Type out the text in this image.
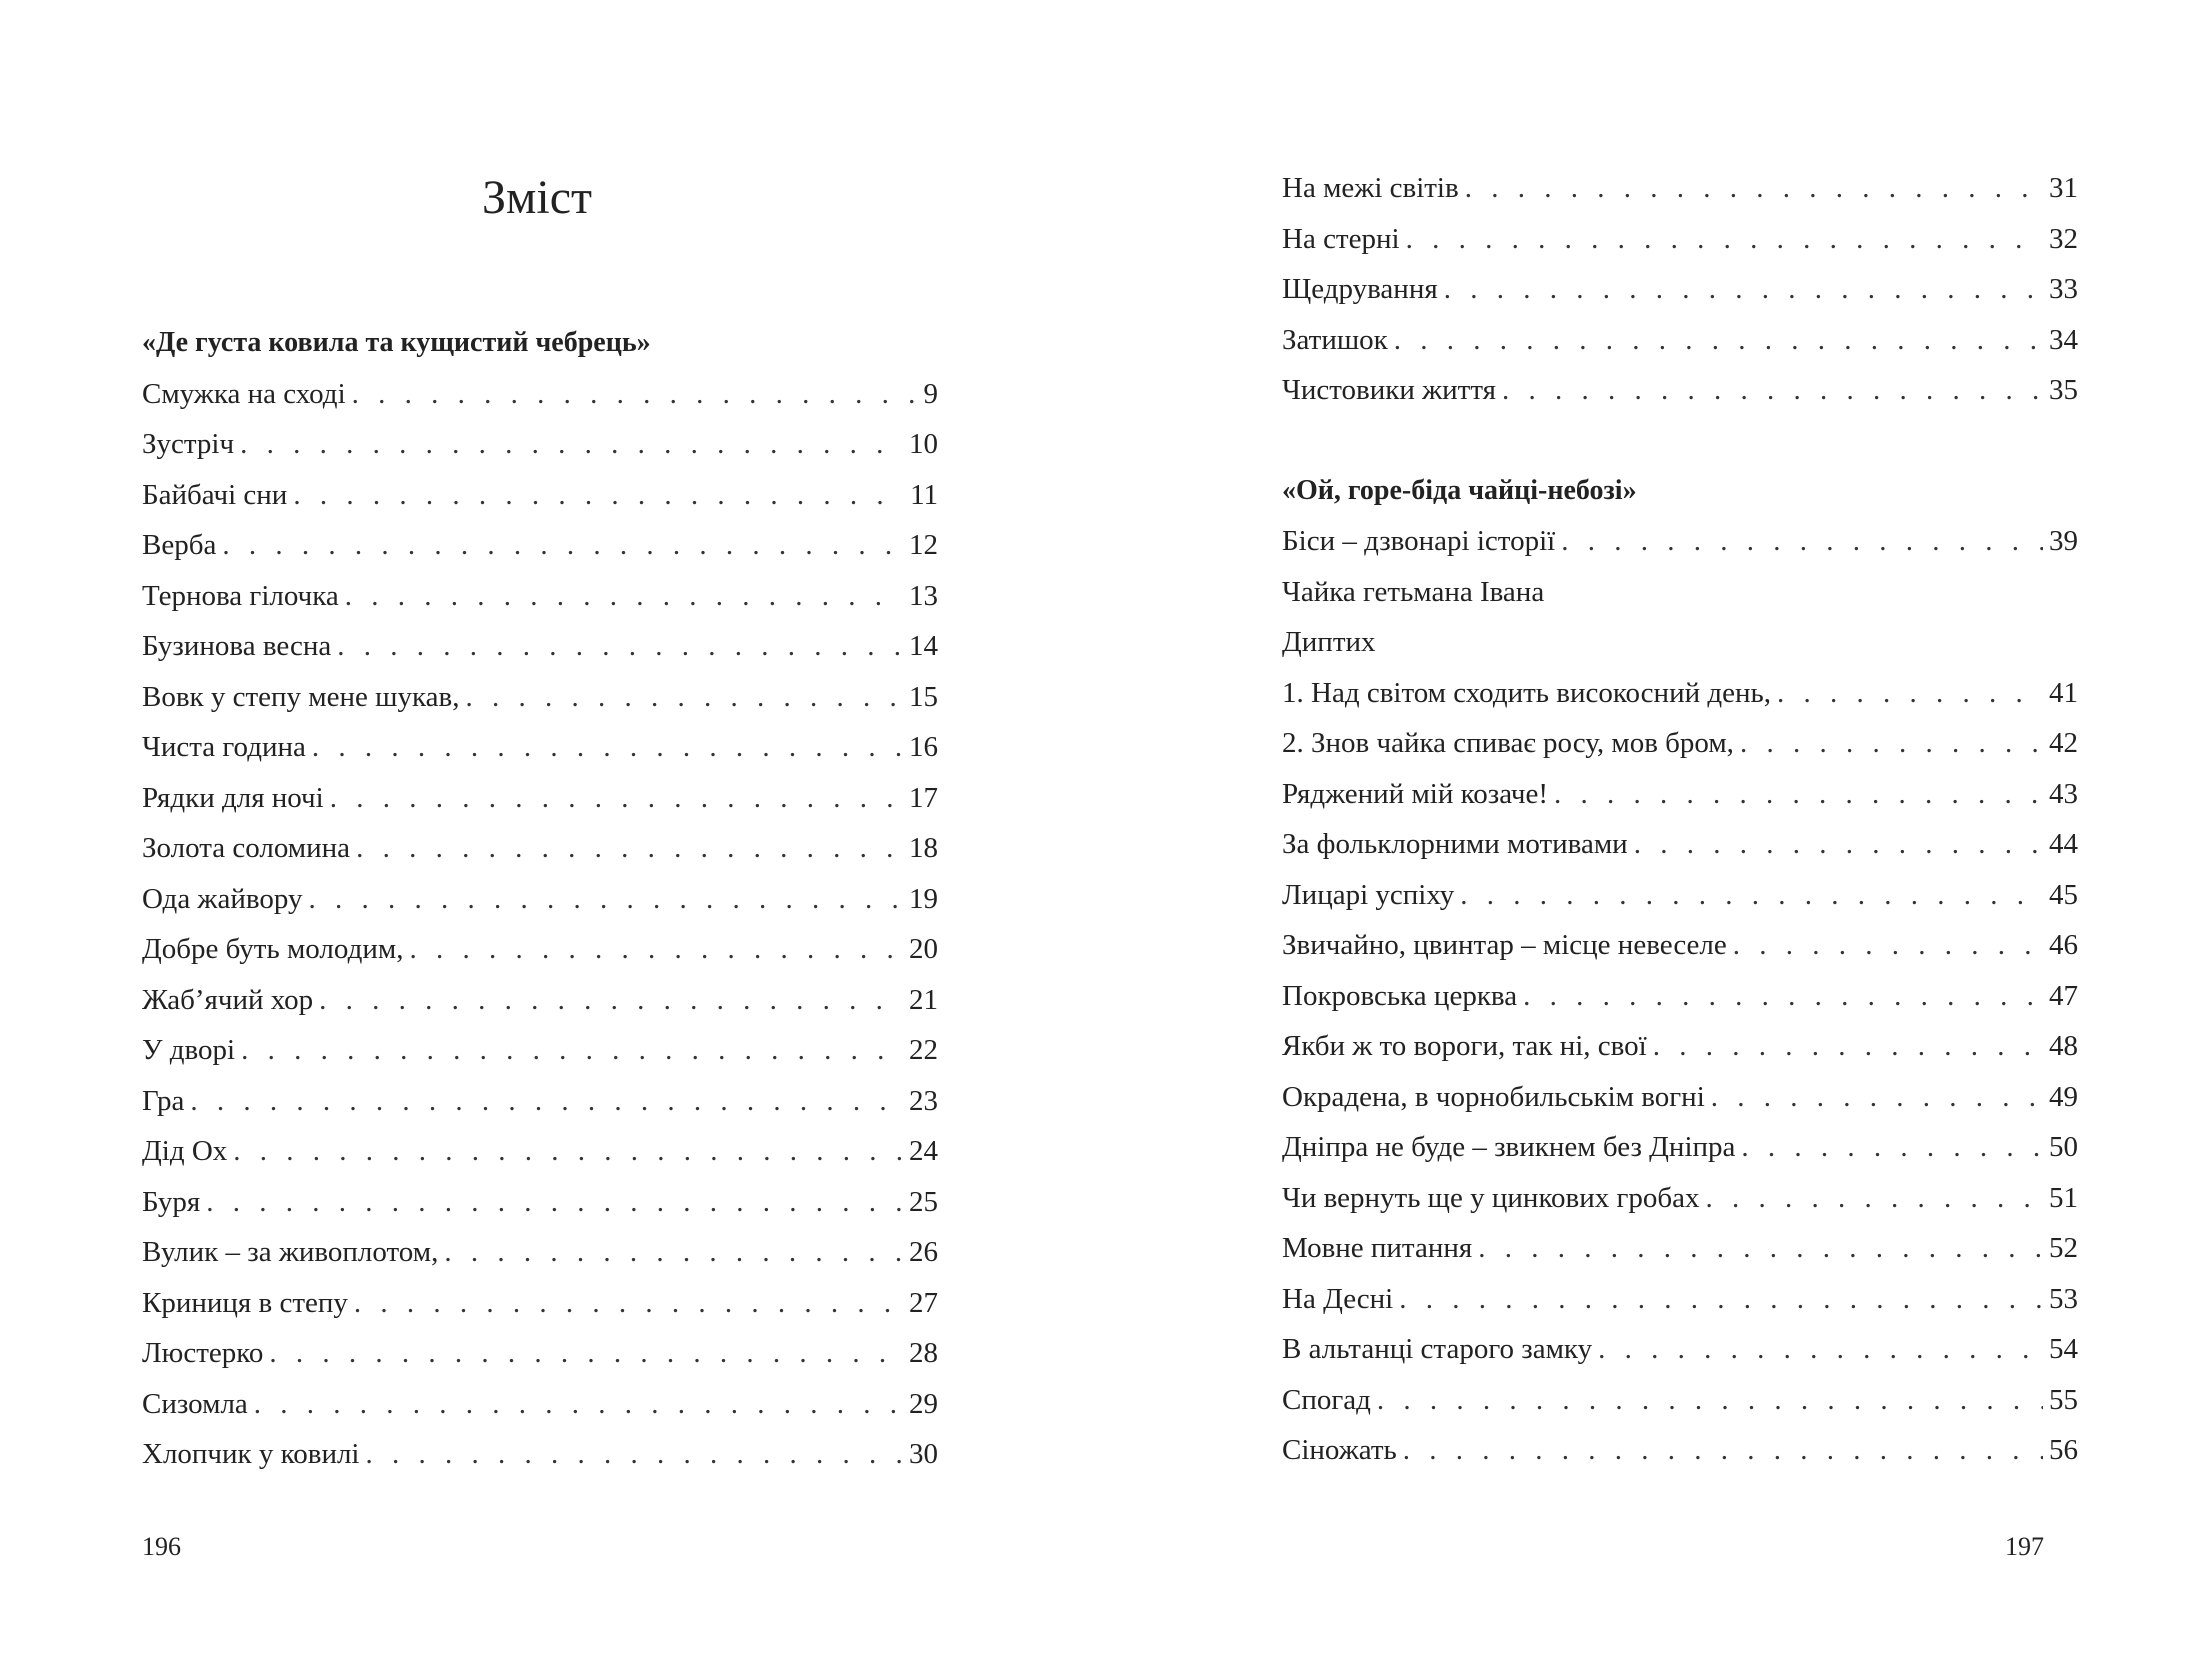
Зміст
«Де густа ковила та кущистий чебрець»
Смужка на сході . . .	9
Зустріч . . .	10
Байбачі сни . . .	11
Верба . . .	12
Тернова гілочка . . .	13
Бузинова весна . . .	14
Вовк у степу мене шукав, . . .	15
Чиста година . . .	16
Рядки для ночі . . .	17
Золота соломина . . .	18
Ода жайвору . . .	19
Добре буть молодим, . . .	20
Жаб’ячий хор . . .	21
У дворі . . .	22
Гра . . .	23
Дід Ох . . .	24
Буря . . .	25
Вулик – за живоплотом, . . .	26
Криниця в степу . . .	27
Люстерко . . .	28
Сизомла . . .	29
Хлопчик у ковилі . . .	30
196
На межі світів . . .	31
На стерні . . .	32
Щедрування . . .	33
Затишок . . .	34
Чистовики життя . . .	35
«Ой, горе-біда чайці-небозі»
Біси – дзвонарі історії . . .	39
Чайка гетьмана Івана
Диптих
1. Над світом сходить високосний день, . . .	41
2. Знов чайка спиває росу, мов бром, . . .	42
Ряджений мій козаче! . . .	43
За фольклорними мотивами . . .	44
Лицарі успіху . . .	45
Звичайно, цвинтар – місце невеселе . . .	46
Покровська церква . . .	47
Якби ж то вороги, так ні, свої . . .	48
Окрадена, в чорнобильськім вогні . . .	49
Дніпра не буде – звикнем без Дніпра . . .	50
Чи вернуть ще у цинкових гробах . . .	51
Мовне питання . . .	52
На Десні . . .	53
В альтанці старого замку . . .	54
Спогад . . .	55
Сіножать . . .	56
197
